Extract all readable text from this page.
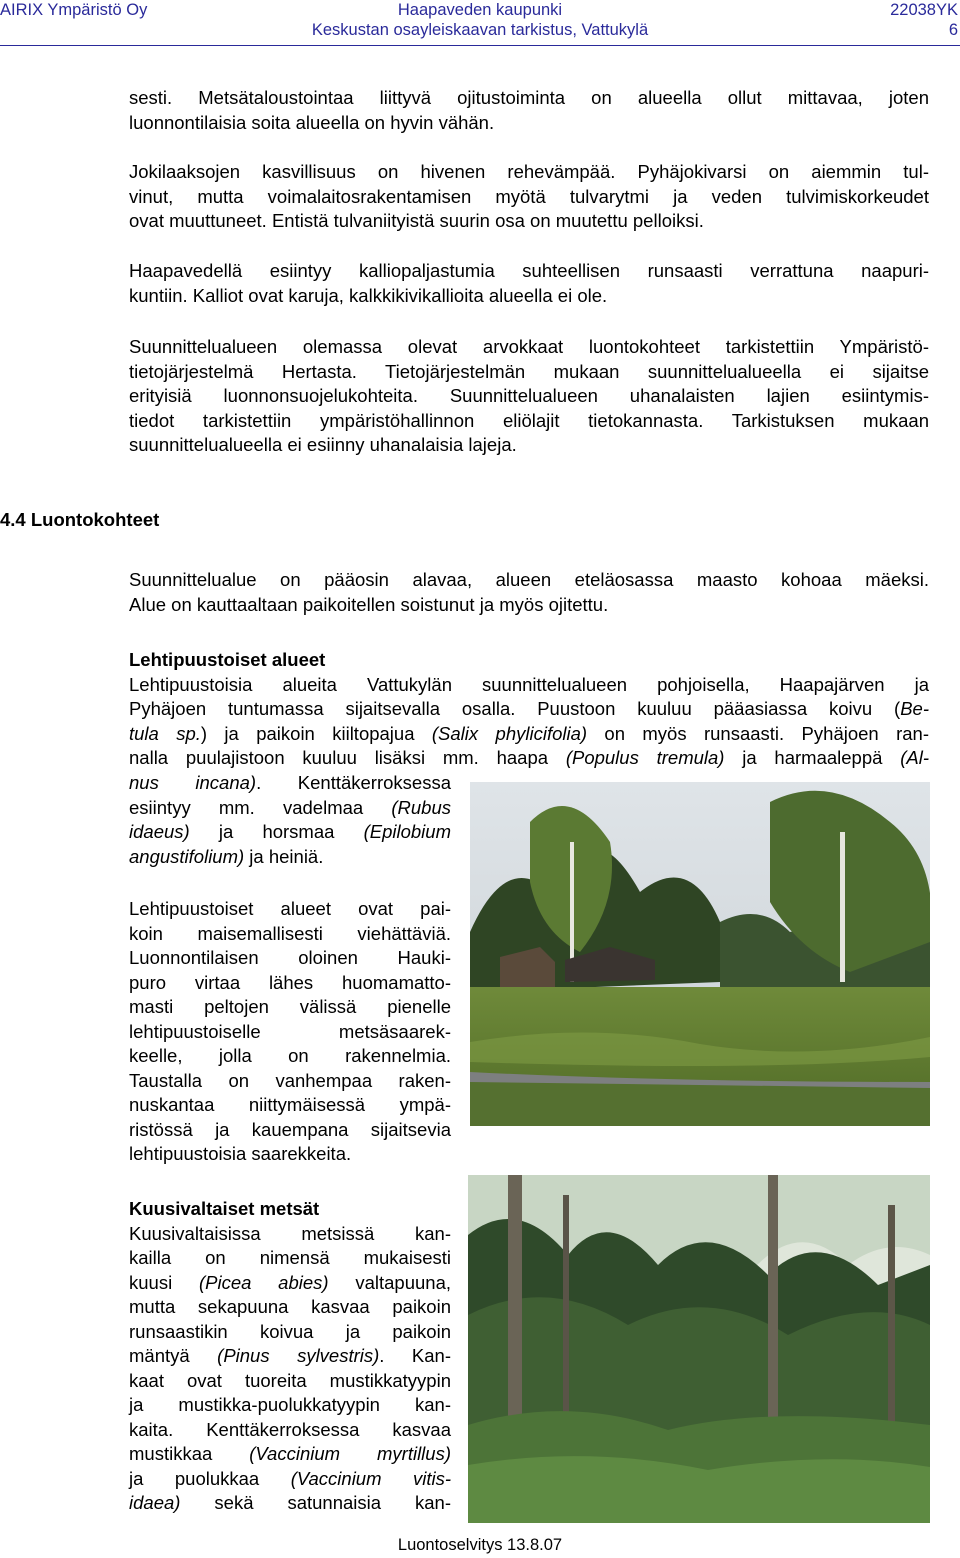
AIRIX Ympäristö Oy	Haapaveden kaupunki	22038YK
Keskustan osayleiskaavan tarkistus, Vattukylä	6
sesti. Metsätaloustointaa liittyvä ojitustoiminta on alueella ollut mittavaa, joten
luonnontilaisia soita alueella on hyvin vähän.
Jokilaaksojen kasvillisuus on hivenen rehevämpää. Pyhäjokivarsi on aiemmin tul-
vinut, mutta voimalaitosrakentamisen myötä tulvarytmi ja veden tulvimiskorkeudet
ovat muuttuneet. Entistä tulvaniityistä suurin osa on muutettu pelloiksi.
Haapavedellä esiintyy kalliopaljastumia suhteellisen runsaasti verrattuna naapuri-
kuntiin. Kalliot ovat karuja, kalkkikivikallioita alueella ei ole.
Suunnittelualueen olemassa olevat arvokkaat luontokohteet tarkistettiin Ympäristö-
tietojärjestelmä Hertasta. Tietojärjestelmän mukaan suunnittelualueella ei sijaitse
erityisiä luonnonsuojelukohteita. Suunnittelualueen uhanalaisten lajien esiintymis-
tiedot tarkistettiin ympäristöhallinnon eliölajit tietokannasta. Tarkistuksen mukaan
suunnittelualueella ei esiinny uhanalaisia lajeja.
4.4 Luontokohteet
Suunnittelualue on pääosin alavaa, alueen eteläosassa maasto kohoaa mäeksi.
Alue on kauttaaltaan paikoitellen soistunut ja myös ojitettu.
Lehtipuustoiset alueet
Lehtipuustoisia alueita Vattukylän suunnittelualueen pohjoisella, Haapajärven ja
Pyhäjoen tuntumassa sijaitsevalla osalla. Puustoon kuuluu pääasiassa koivu (Be-
tula sp.) ja paikoin kiiltopajua (Salix phylicifolia) on myös runsaasti. Pyhäjoen ran-
nalla puulajistoon kuuluu lisäksi mm. haapa (Populus tremula) ja harmaaleppä (Al-
nus incana). Kenttäkerroksessa
esiintyy mm. vadelmaa (Rubus
idaeus) ja horsmaa (Epilobium
angustifolium) ja heiniä.
Lehtipuustoiset alueet ovat pai-
koin maisemallisesti viehättäviä.
Luonnontilaisen oloinen Hauki-
puro virtaa lähes huomamatto-
masti peltojen välissä pienelle
lehtipuustoiselle metsäsaarek-
keelle, jolla on rakennelmia.
Taustalla on vanhempaa raken-
nuskantaa niittymäisessä ympä-
ristössä ja kauempana sijaitsevia
lehtipuustoisia saarekkeita.
Kuusivaltaiset metsät
Kuusivaltaisissa metsissä kan-
kailla on nimensä mukaisesti
kuusi (Picea abies) valtapuuna,
mutta sekapuuna kasvaa paikoin
runsaastikin koivua ja paikoin
mäntyä (Pinus sylvestris). Kan-
kaat ovat tuoreita mustikkatyypin
ja mustikka-puolukkatyypin kan-
kaita. Kenttäkerroksessa kasvaa
mustikkaa (Vaccinium myrtillus)
ja puolukkaa (Vaccinium vitis-
idaea) sekä satunnaisia kan-
Luontoselvitys 13.8.07
